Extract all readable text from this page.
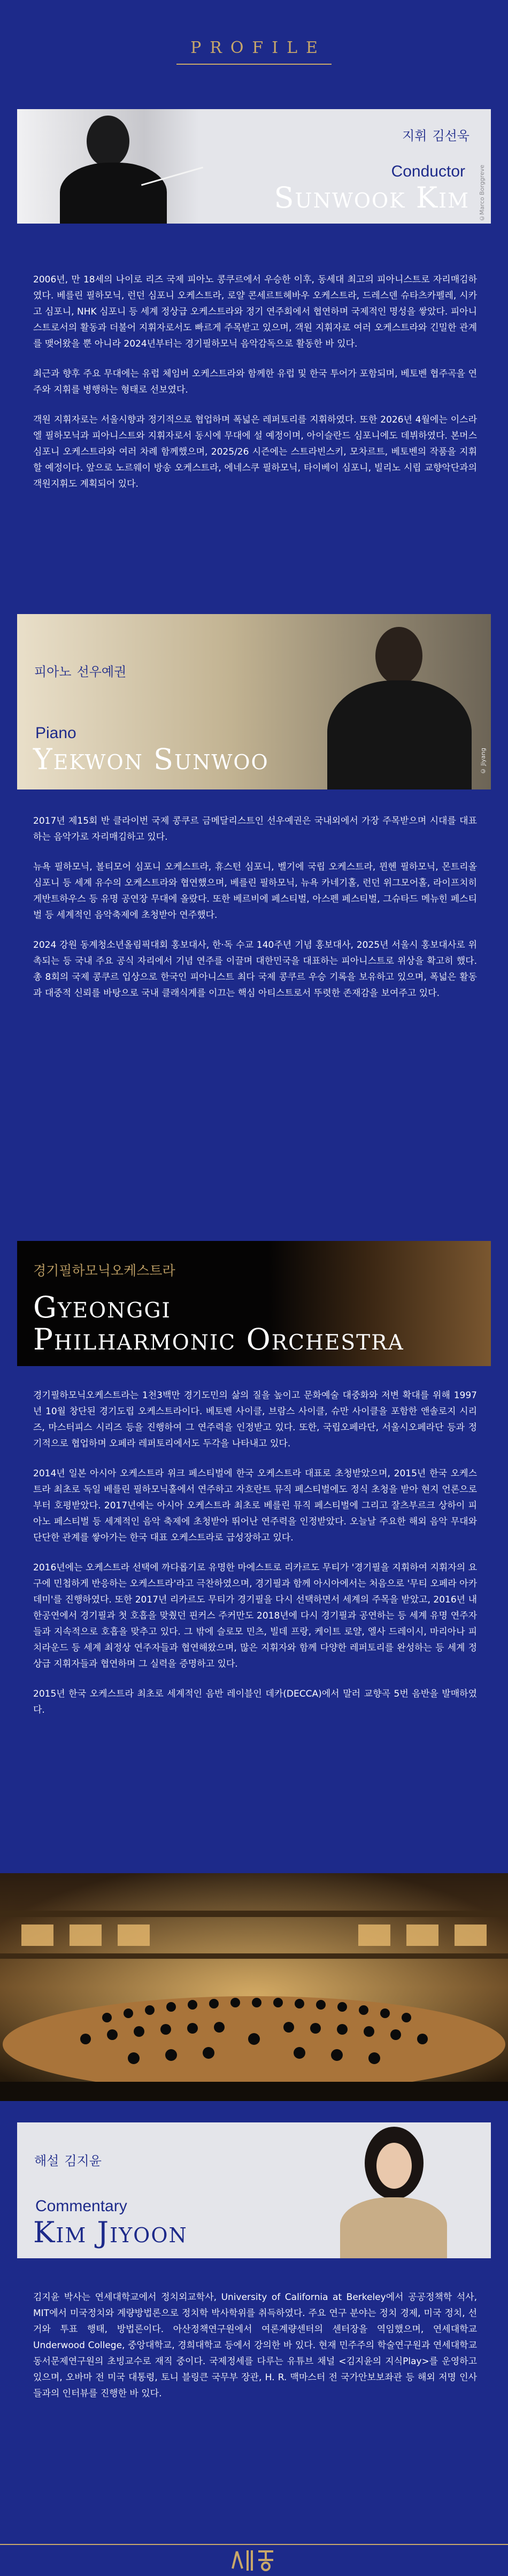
PROFILE
지휘 김선욱
Conductor
Sunwook Kim ©Marco Borggreve

2006년, 만 18세의 나이로 리즈 국제 피아노 콩쿠르에서 우승한 이후, 동세대 최고의 피아니스트로 자리매김하였다. 베를린 필하모닉, 런던 심포니 오케스트라, 로얄 콘세르트헤바우 오케스트라, 드레스덴 슈타츠카펠레, 시카고 심포니, NHK 심포니 등 세계 정상급 오케스트라와 정기 연주회에서 협연하며 국제적인 명성을 쌓았다. 피아니스트로서의 활동과 더불어 지휘자로서도 빠르게 주목받고 있으며, 객원 지휘자로 여러 오케스트라와 긴밀한 관계를 맺어왔을 뿐 아니라 2024년부터는 경기필하모닉 음악감독으로 활동한 바 있다.

최근과 향후 주요 무대에는 유럽 체임버 오케스트라와 함께한 유럽 및 한국 투어가 포함되며, 베토벤 협주곡을 연주와 지휘를 병행하는 형태로 선보였다.

객원 지휘자로는 서울시향과 정기적으로 협업하며 폭넓은 레퍼토리를 지휘하였다. 또한 2026년 4월에는 이스라엘 필하모닉과 피아니스트와 지휘자로서 동시에 무대에 설 예정이며, 아이슬란드 심포니에도 데뷔하였다. 본머스 심포니 오케스트라와 여러 차례 함께했으며, 2025/26 시즌에는 스트라빈스키, 모차르트, 베토벤의 작품을 지휘할 예정이다. 앞으로 노르웨이 방송 오케스트라, 에네스쿠 필하모닉, 타이베이 심포니, 빌리노 시립 교향악단과의 객원지휘도 계획되어 있다.

피아노 선우예권
Piano
Yekwon Sunwoo	© Jiyang

2017년 제15회 반 클라이번 국제 콩쿠르 금메달리스트인 선우예권은 국내외에서 가장 주목받으며 시대를 대표하는 음악가로 자리매김하고 있다.

뉴욕 필하모닉, 볼티모어 심포니 오케스트라, 휴스턴 심포니, 벨기에 국립 오케스트라, 뮌헨 필하모닉, 몬트리올 심포니 등 세계 유수의 오케스트라와 협연했으며, 베를린 필하모닉, 뉴욕 카네기홀, 런던 위그모어홀, 라이프치히 게반트하우스 등 유명 공연장 무대에 올랐다. 또한 베르비에 페스티벌, 아스펜 페스티벌, 그슈타드 메뉴힌 페스티벌 등 세계적인 음악축제에 초청받아 연주했다.

2024 강원 동계청소년올림픽대회 홍보대사, 한·독 수교 140주년 기념 홍보대사, 2025년 서울시 홍보대사로 위촉되는 등 국내 주요 공식 자리에서 기념 연주를 이끌며 대한민국을 대표하는 피아니스트로 위상을 확고히 했다. 총 8회의 국제 콩쿠르 입상으로 한국인 피아니스트 최다 국제 콩쿠르 우승 기록을 보유하고 있으며, 폭넓은 활동과 대중적 신뢰를 바탕으로 국내 클래식계를 이끄는 핵심 아티스트로서 뚜렷한 존재감을 보여주고 있다.

경기필하모닉오케스트라
Gyeonggi
Philharmonic Orchestra

경기필하모닉오케스트라는 1천3백만 경기도민의 삶의 질을 높이고 문화예술 대중화와 저변 확대를 위해 1997년 10월 창단된 경기도립 오케스트라이다. 베토벤 사이클, 브람스 사이클, 슈만 사이클을 포함한 앤솔로지 시리즈, 마스터피스 시리즈 등을 진행하여 그 연주력을 인정받고 있다. 또한, 국립오페라단, 서울시오페라단 등과 정기적으로 협업하며 오페라 레퍼토리에서도 두각을 나타내고 있다.

2014년 일본 아시아 오케스트라 위크 페스티벌에 한국 오케스트라 대표로 초청받았으며, 2015년 한국 오케스트라 최초로 독일 베를린 필하모닉홀에서 연주하고 자흐란트 뮤직 페스티벌에도 정식 초청을 받아 현지 언론으로부터 호평받았다. 2017년에는 아시아 오케스트라 최초로 베를린 뮤직 페스티벌에 그리고 잘츠부르크 상하이 피아노 페스티벌 등 세계적인 음악 축제에 초청받아 뛰어난 연주력을 인정받았다. 오늘날 주요한 해외 음악 무대와 단단한 관계를 쌓아가는 한국 대표 오케스트라로 급성장하고 있다.

2016년에는 오케스트라 선택에 까다롭기로 유명한 마에스트로 리카르도 무티가 '경기필을 지휘하여 지휘자의 요구에 민첩하게 반응하는 오케스트라'라고 극찬하였으며, 경기필과 함께 아시아에서는 처음으로 '무티 오페라 아카데미'를 진행하였다. 또한 2017년 리카르도 무티가 경기필을 다시 선택하면서 세계의 주목을 받았고, 2016년 내한공연에서 경기필과 첫 호흡을 맞췄던 핀커스 주커만도 2018년에 다시 경기필과 공연하는 등 세계 유명 연주자들과 지속적으로 호흡을 맞추고 있다. 그 밖에 슬로모 민츠, 빌데 프랑, 케이트 로얄, 엘사 드레이시, 마리아나 피치라운드 등 세계 최정상 연주자들과 협연해왔으며, 많은 지휘자와 함께 다양한 레퍼토리를 완성하는 등 세계 정상급 지휘자들과 협연하며 그 실력을 증명하고 있다.

2015년 한국 오케스트라 최초로 세계적인 음반 레이블인 데카(DECCA)에서 말러 교향곡 5번 음반을 발매하였다.

해설 김지윤
Commentary
Kim Jiyoon

김지윤 박사는 연세대학교에서 정치외교학사, University of California at Berkeley에서 공공정책학 석사, MIT에서 미국정치와 계량방법론으로 정치학 박사학위를 취득하였다. 주요 연구 분야는 정치 경제, 미국 정치, 선거와 투표 행태, 방법론이다. 아산정책연구원에서 여론계량센터의 센터장을 역임했으며, 연세대학교 Underwood College, 중앙대학교, 경희대학교 등에서 강의한 바 있다. 현재 민주주의 학술연구원과 연세대학교 동서문제연구원의 초빙교수로 재직 중이다. 국제정세를 다루는 유튜브 채널 <김지윤의 지식Play>를 운영하고 있으며, 오바마 전 미국 대통령, 토니 블링큰 국무부 장관, H. R. 맥마스터 전 국가안보보좌관 등 해외 저명 인사들과의 인터뷰를 진행한 바 있다.
